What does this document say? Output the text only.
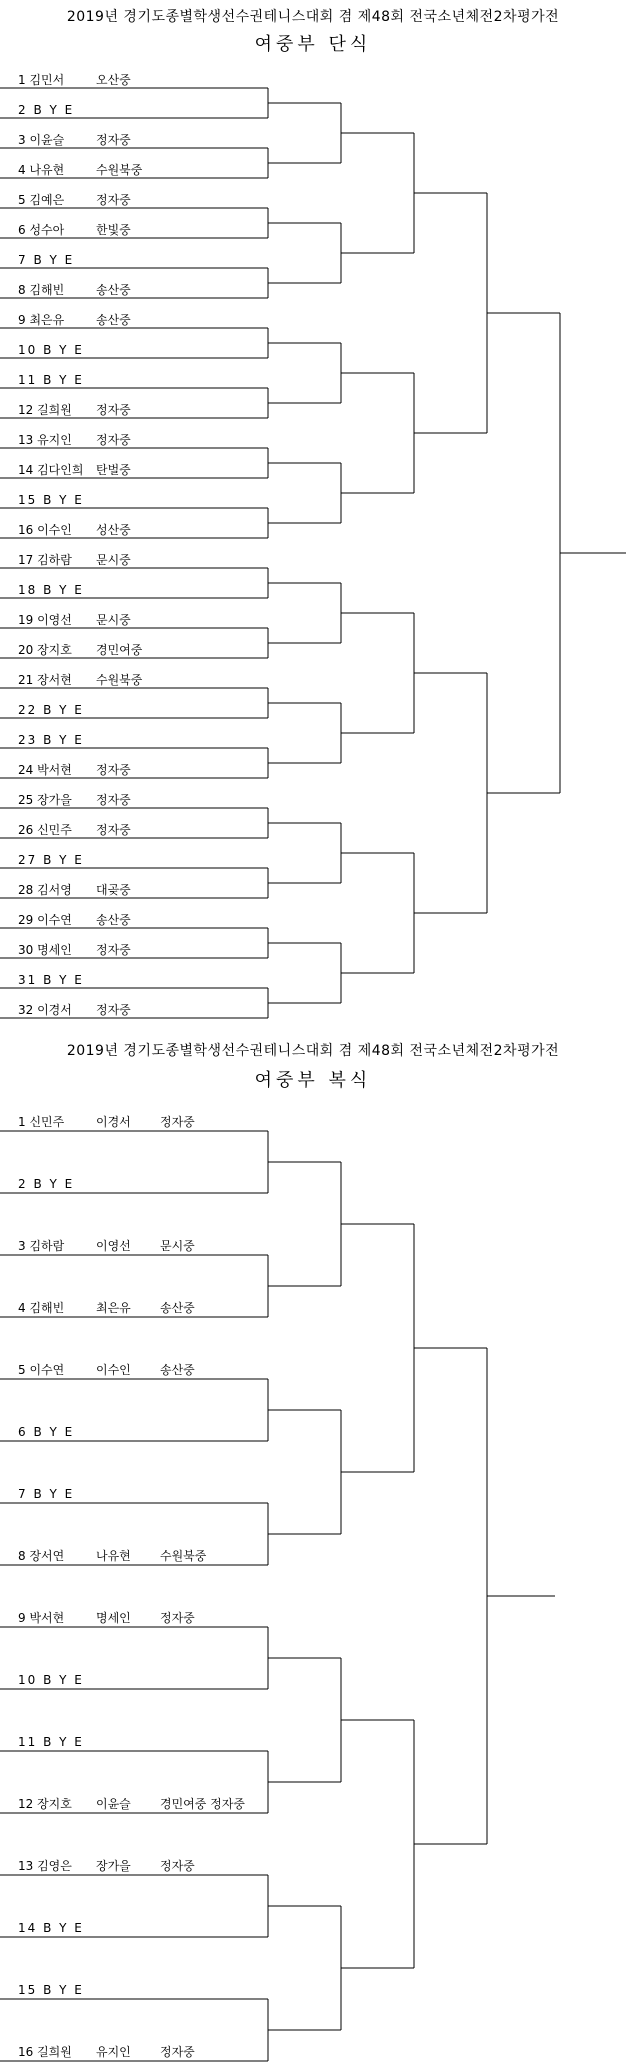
2019년 경기도종별학생선수권테니스대회 겸 제48회 전국소년체전2차평가전
여중부 단식
2019년 경기도종별학생선수권테니스대회 겸 제48회 전국소년체전2차평가전
여중부 복식
1 김민서	오산중
2 B Y E
3 이윤슬	정자중
4 나유현	수원북중
5 김예은	정자중
6 성수아	한빛중
7 B Y E
8 김해빈	송산중
9 최은유	송산중
10 B Y E
11 B Y E
12 길희원 정자중
13 유지인 정자중
14 김다인희 탄벌중
15 B Y E
16 이수인 성산중
17 김하람 문시중
18 B Y E
19 이영선 문시중
20 장지호 경민여중
21 장서현 수원북중
22 B Y E
23 B Y E
24 박서현 정자중
25 장가을 정자중
26 신민주 정자중
27 B Y E
28 김서영 대곶중
29 이수연 송산중
30 명세인 정자중
31 B Y E
32 이경서 정자중
1 신민주	이경서 정자중
2 B Y E
3 김하람	이영선 문시중
4 김해빈	최은유 송산중
5 이수연	이수인 송산중
6 B Y E
7 B Y E
8 장서연	나유현 수원북중
9 박서현	명세인 정자중
10 B Y E
11 B Y E
12 장지호 이윤슬 경민여중 정자중
13 김영은 장가을 정자중
14 B Y E
15 B Y E
16 길희원 유지인 정자중
